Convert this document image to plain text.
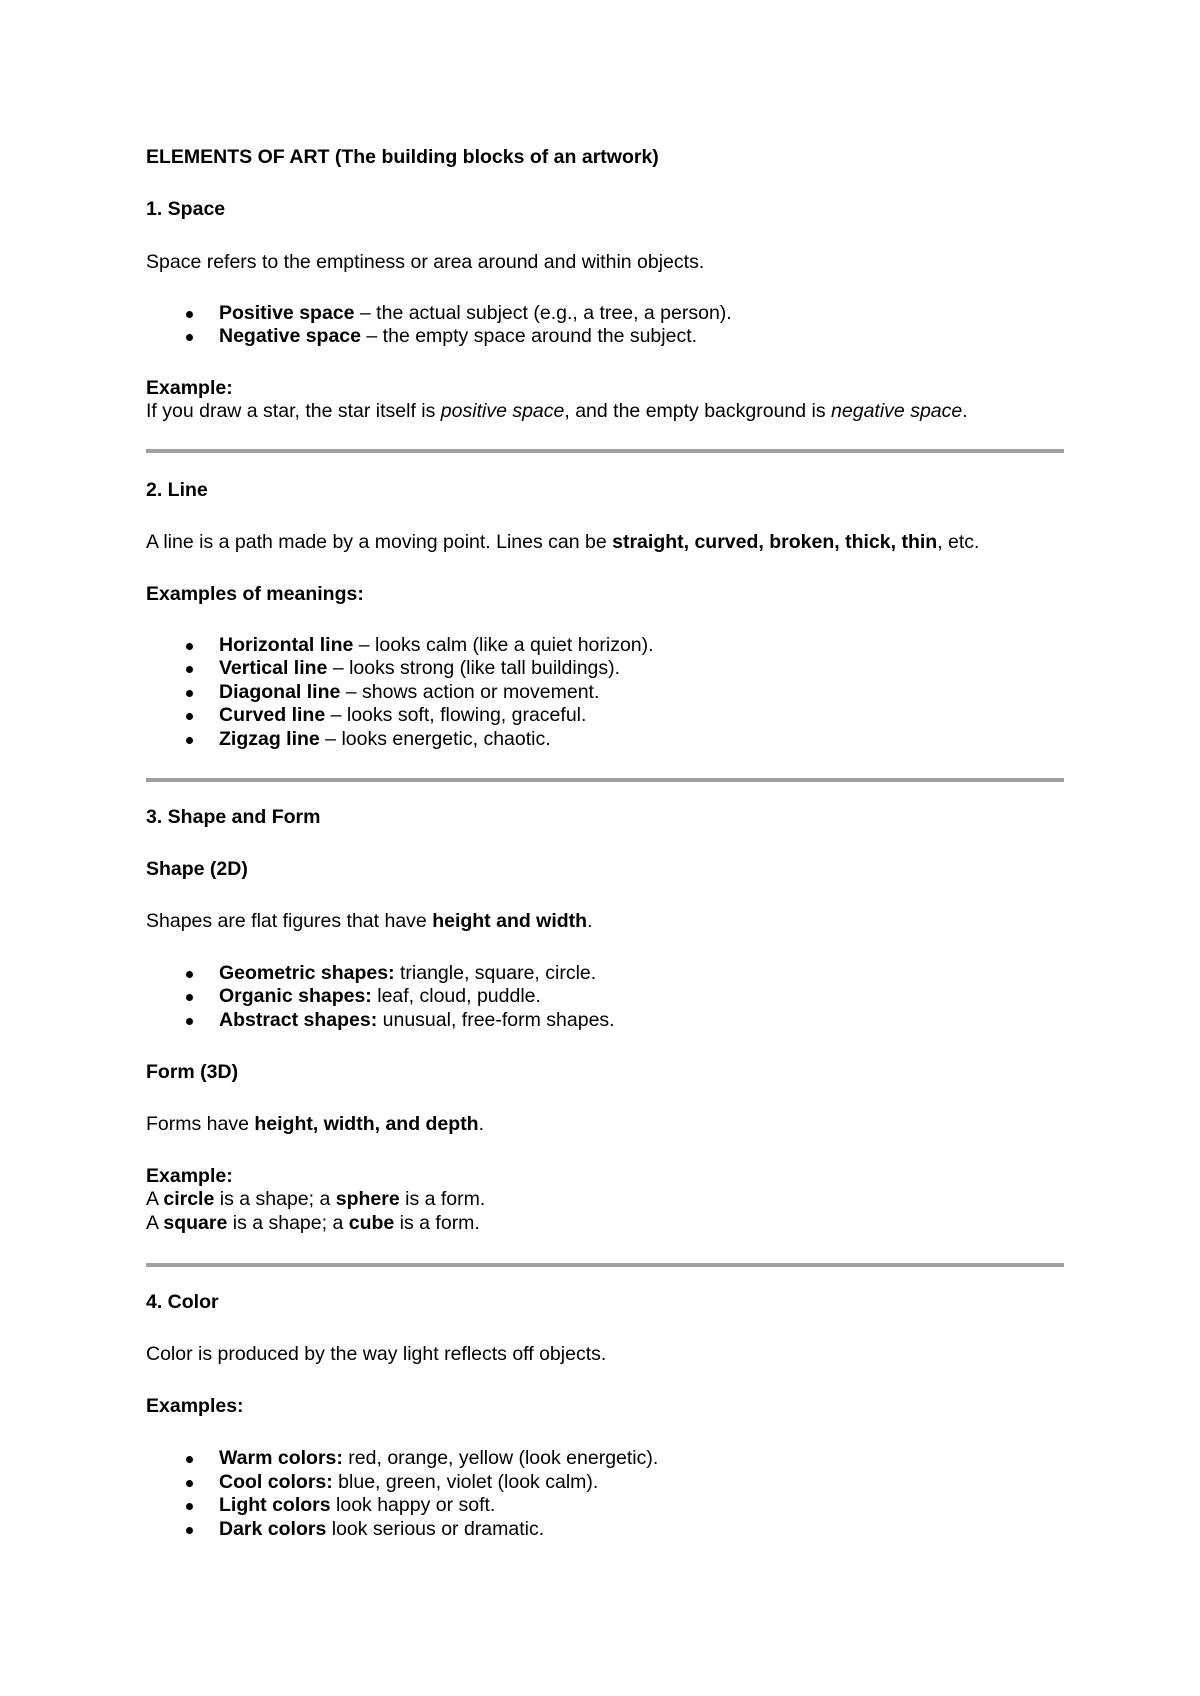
ELEMENTS OF ART (The building blocks of an artwork)
1. Space
Space refers to the emptiness or area around and within objects.
Positive space – the actual subject (e.g., a tree, a person).
Negative space – the empty space around the subject.
Example:
If you draw a star, the star itself is positive space, and the empty background is negative space.
2. Line
A line is a path made by a moving point. Lines can be straight, curved, broken, thick, thin, etc.
Examples of meanings:
Horizontal line – looks calm (like a quiet horizon).
Vertical line – looks strong (like tall buildings).
Diagonal line – shows action or movement.
Curved line – looks soft, flowing, graceful.
Zigzag line – looks energetic, chaotic.
3. Shape and Form
Shape (2D)
Shapes are flat figures that have height and width.
Geometric shapes: triangle, square, circle.
Organic shapes: leaf, cloud, puddle.
Abstract shapes: unusual, free-form shapes.
Form (3D)
Forms have height, width, and depth.
Example:
A circle is a shape; a sphere is a form.
A square is a shape; a cube is a form.
4. Color
Color is produced by the way light reflects off objects.
Examples:
Warm colors: red, orange, yellow (look energetic).
Cool colors: blue, green, violet (look calm).
Light colors look happy or soft.
Dark colors look serious or dramatic.
